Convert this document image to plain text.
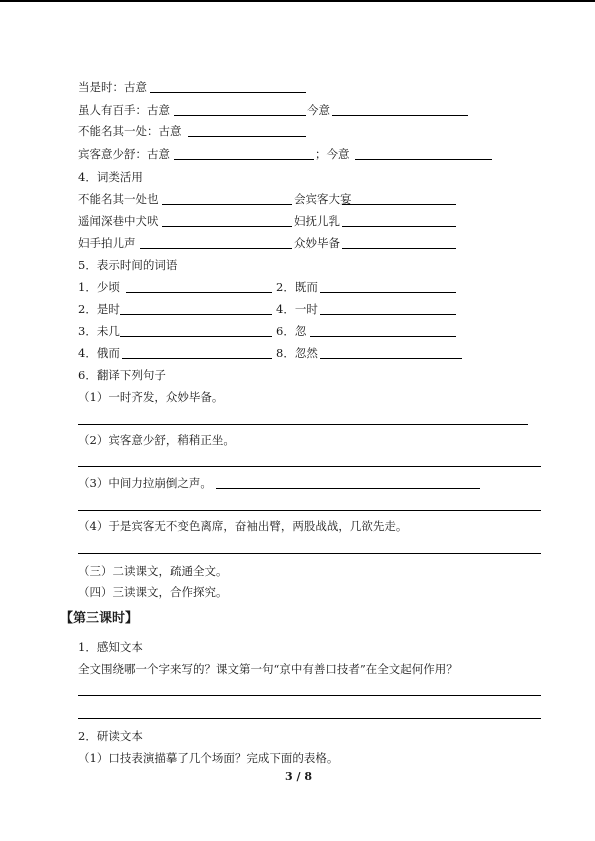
当是时：古意
虽人有百手：古意	今意
不能名其一处：古意
宾客意少舒：古意	；今意
4．词类活用
不能名其一处也	会宾客大宴
遥闻深巷中犬吠	妇抚儿乳
妇手拍儿声	众妙毕备
5．表示时间的词语
1．少顷	2．既而
2．是时	4．一时
3．未几	6．忽
4．俄而	8．忽然
6．翻译下列句子
（1）一时齐发，众妙毕备。
（2）宾客意少舒，稍稍正坐。
（3）中间力拉崩倒之声。
（4）于是宾客无不变色离席，奋袖出臂，两股战战，几欲先走。
（三）二读课文，疏通全文。
（四）三读课文，合作探究。
【第三课时】
1．感知文本
全文围绕哪一个字来写的？课文第一句“京中有善口技者”在全文起何作用？
2．研读文本
（1）口技表演描摹了几个场面？完成下面的表格。
3 / 8
